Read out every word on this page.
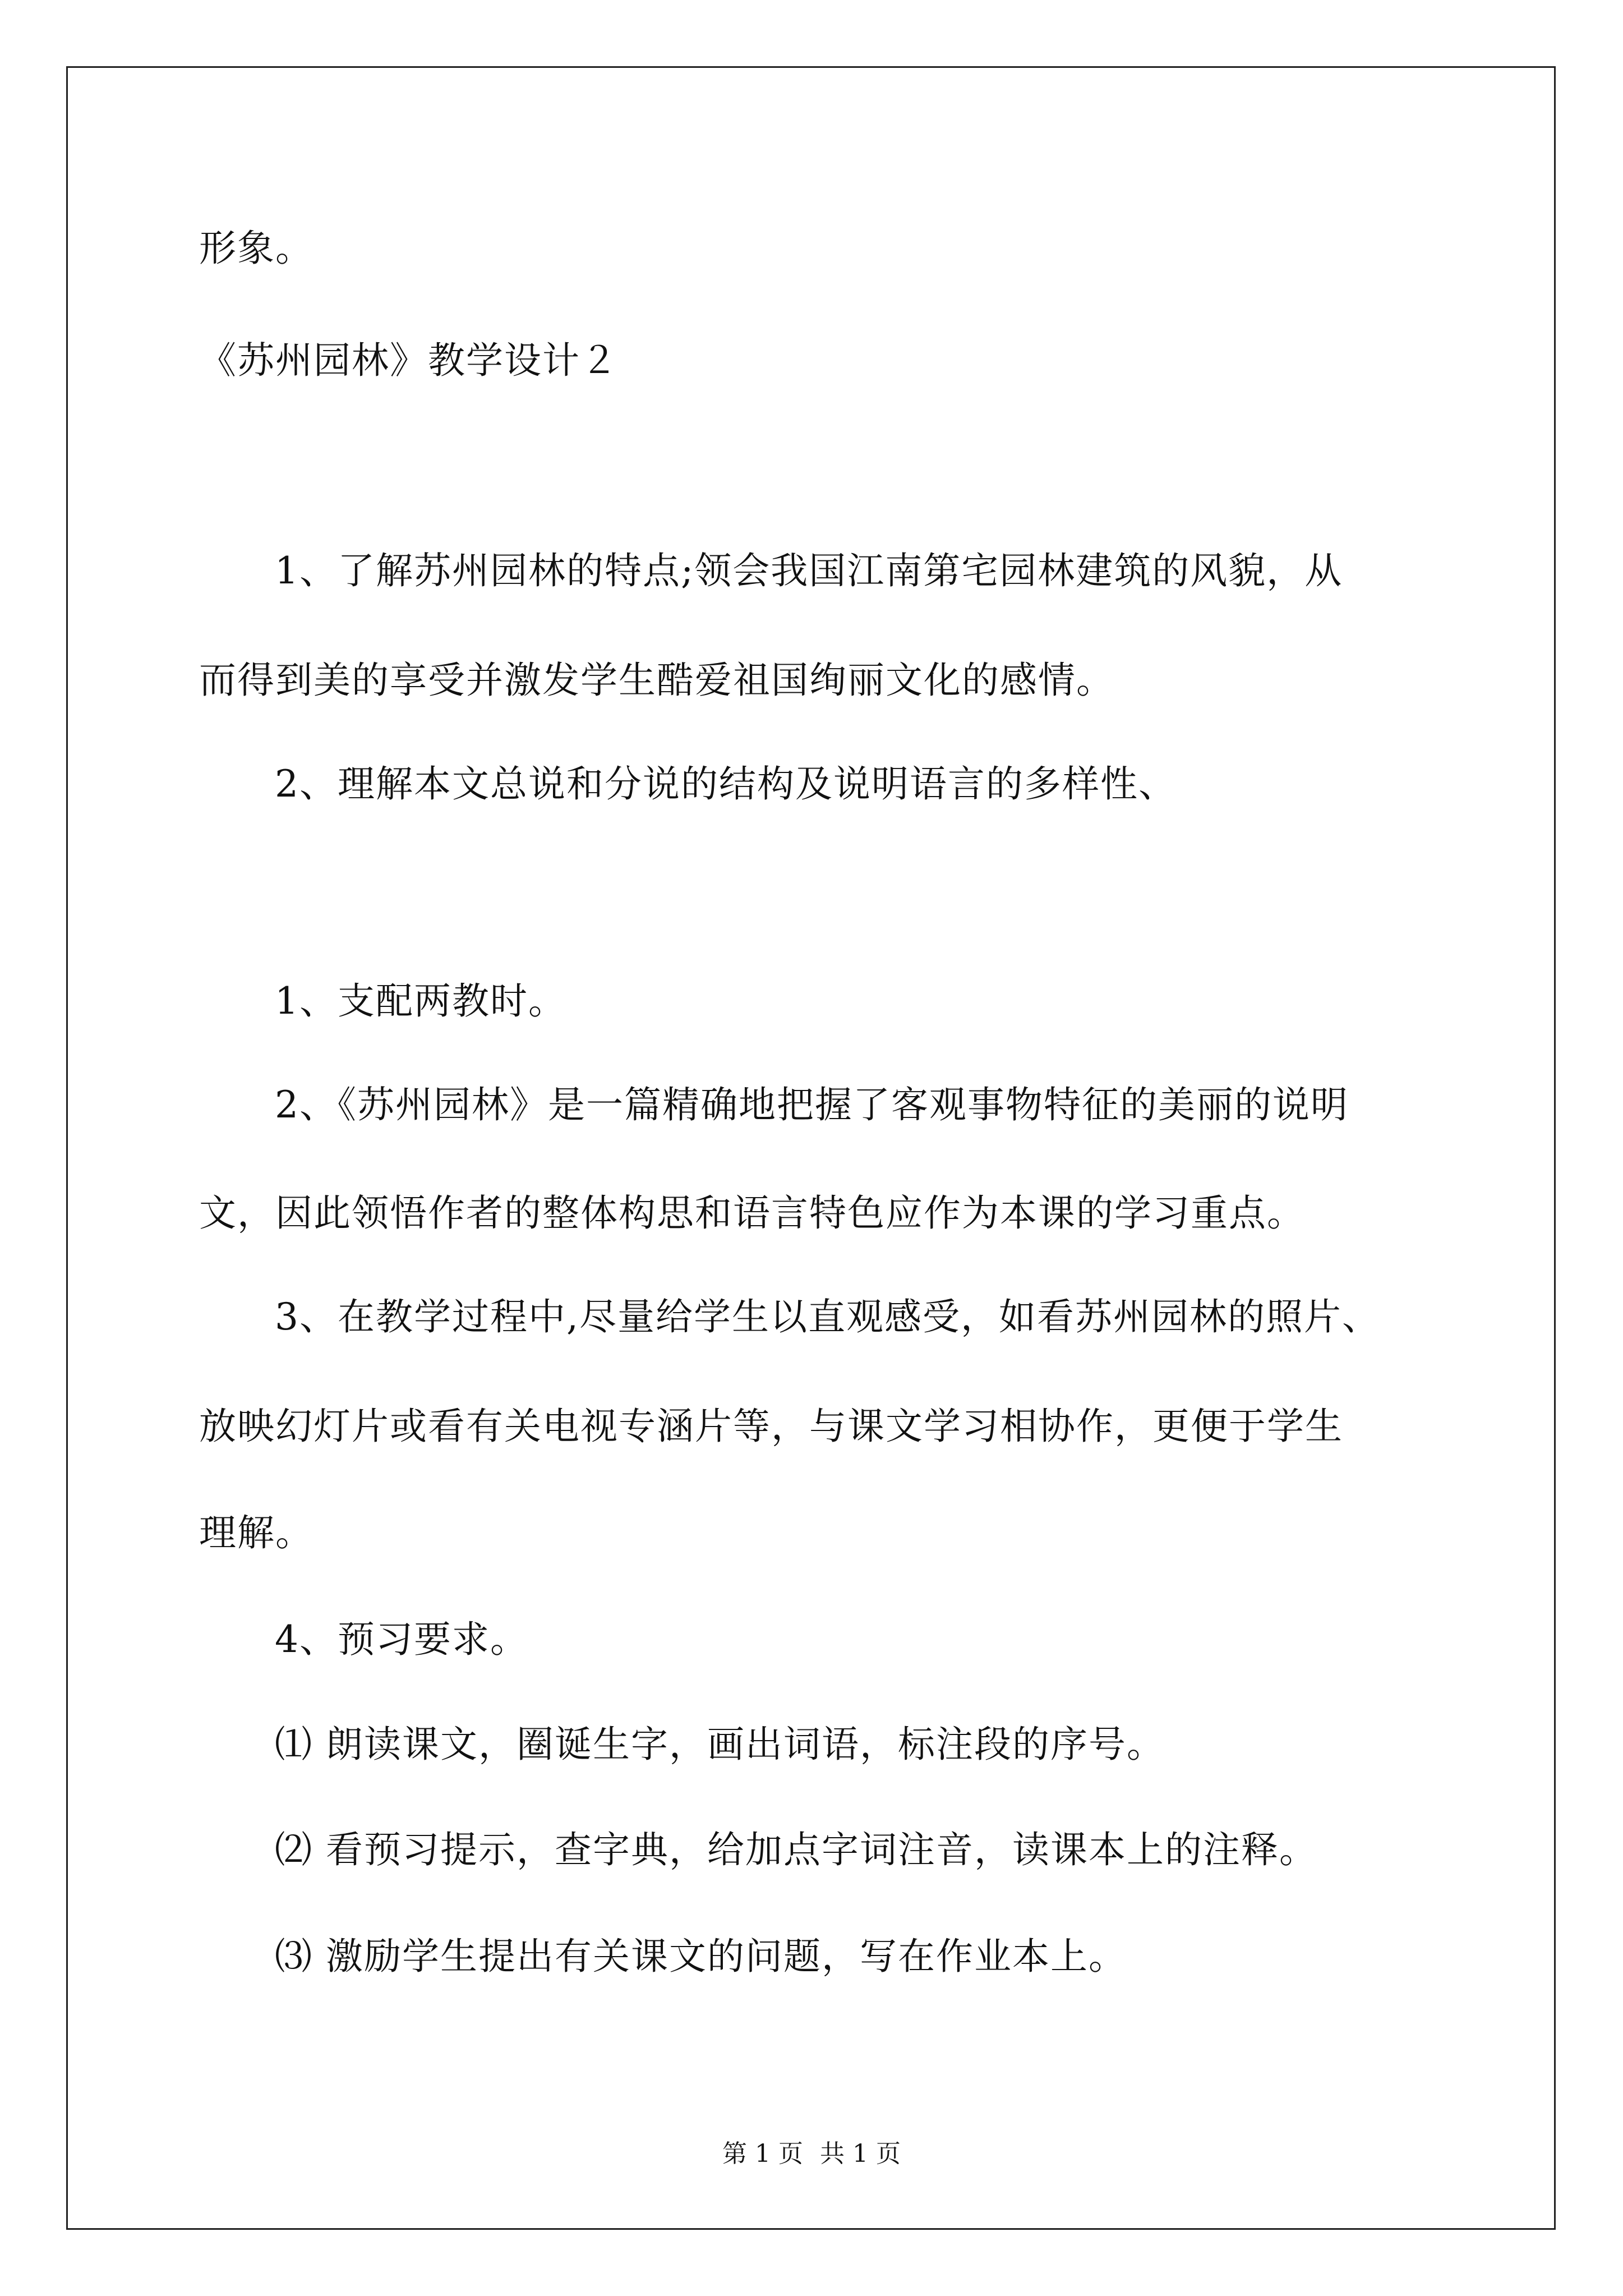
形象。
《苏州园林》教学设计２
1、了解苏州园林的特点;领会我国江南第宅园林建筑的风貌，从
而得到美的享受并激发学生酷爱祖国绚丽文化的感情。
2、理解本文总说和分说的结构及说明语言的多样性、
1、支配两教时。
2、《苏州园林》是一篇精确地把握了客观事物特征的美丽的说明
文，因此领悟作者的整体构思和语言特色应作为本课的学习重点。
3、在教学过程中,尽量给学生以直观感受，如看苏州园林的照片、
放映幻灯片或看有关电视专涵片等，与课文学习相协作，更便于学生
理解。
4、预习要求。
⑴ 朗读课文，圈诞生字，画出词语，标注段的序号。
⑵ 看预习提示，查字典，给加点字词注音，读课本上的注释。
⑶ 激励学生提出有关课文的问题，写在作业本上。
第 1 页 共 1 页
